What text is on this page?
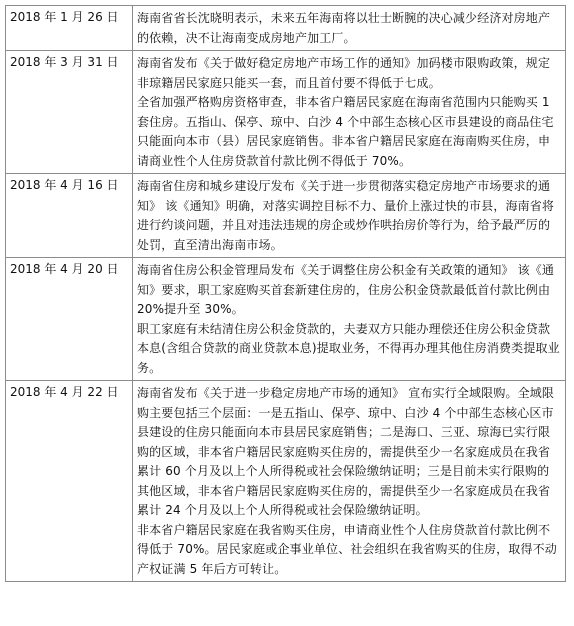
2018 年 1 月 26 日	海南省省长沈晓明表示，未来五年海南将以壮士断腕的决心减少经济对房地产的依赖，决不让海南变成房地产加工厂。

2018 年 3 月 31 日	海南省发布《关于做好稳定房地产市场工作的通知》加码楼市限购政策，规定非琼籍居民家庭只能买一套，而且首付要不得低于七成。
全省加强严格购房资格审查，非本省户籍居民家庭在海南省范围内只能购买 1 套住房。五指山、保亭、琼中、白沙 4 个中部生态核心区市县建设的商品住宅只能面向本市（县）居民家庭销售。非本省户籍居民家庭在海南购买住房，申请商业性个人住房贷款首付款比例不得低于 70%。

2018 年 4 月 16 日	海南省住房和城乡建设厅发布《关于进一步贯彻落实稳定房地产市场要求的通知》 该《通知》明确，对落实调控目标不力、量价上涨过快的市县，海南省将进行约谈问题，并且对违法违规的房企或炒作哄抬房价等行为，给予最严厉的处罚，直至清出海南市场。

2018 年 4 月 20 日	海南省住房公积金管理局发布《关于调整住房公积金有关政策的通知》 该《通知》要求，职工家庭购买首套新建住房的，住房公积金贷款最低首付款比例由 20%提升至 30%。
职工家庭有未结清住房公积金贷款的，夫妻双方只能办理偿还住房公积金贷款本息(含组合贷款的商业贷款本息)提取业务，不得再办理其他住房消费类提取业务。

2018 年 4 月 22 日	海南省发布《关于进一步稳定房地产市场的通知》 宣布实行全域限购。全域限购主要包括三个层面：一是五指山、保亭、琼中、白沙 4 个中部生态核心区市县建设的住房只能面向本市县居民家庭销售；二是海口、三亚、琼海已实行限购的区域，非本省户籍居民家庭购买住房的，需提供至少一名家庭成员在我省累计 60 个月及以上个人所得税或社会保险缴纳证明；三是目前未实行限购的其他区域，非本省户籍居民家庭购买住房的，需提供至少一名家庭成员在我省累计 24 个月及以上个人所得税或社会保险缴纳证明。
非本省户籍居民家庭在我省购买住房，申请商业性个人住房贷款首付款比例不得低于 70%。居民家庭或企事业单位、社会组织在我省购买的住房，取得不动产权证满 5 年后方可转让。
